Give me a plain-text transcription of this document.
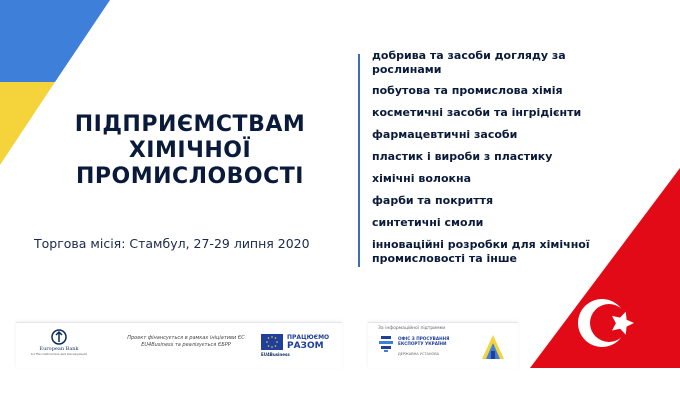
ПІДПРИЄМСТВАМ
ХІМІЧНОЇ
ПРОМИСЛОВОСТІ
Торгова місія: Стамбул, 27-29 липня 2020
добрива та засоби догляду за рослинами
побутова та промислова хімія
косметичні засоби та інгрідієнти
фармацевтичні засоби
пластик і вироби з пластику
хімічні волокна
фарби та покриття
синтетичні смоли
інноваційні розробки для хімічної промисловості та інше
European Bank
for Reconstruction and Development
Проект фінансується в рамках ініціативи ЄС
EU4Business та реалізується ЄБРР
EU4Business
ПРАЦЮЄМО
РАЗОМ
За інформаційної підтримки
ОФІС З ПРОСУВАННЯ
ЕКСПОРТУ УКРАЇНИ
ДЕРЖАВНА УСТАНОВА
